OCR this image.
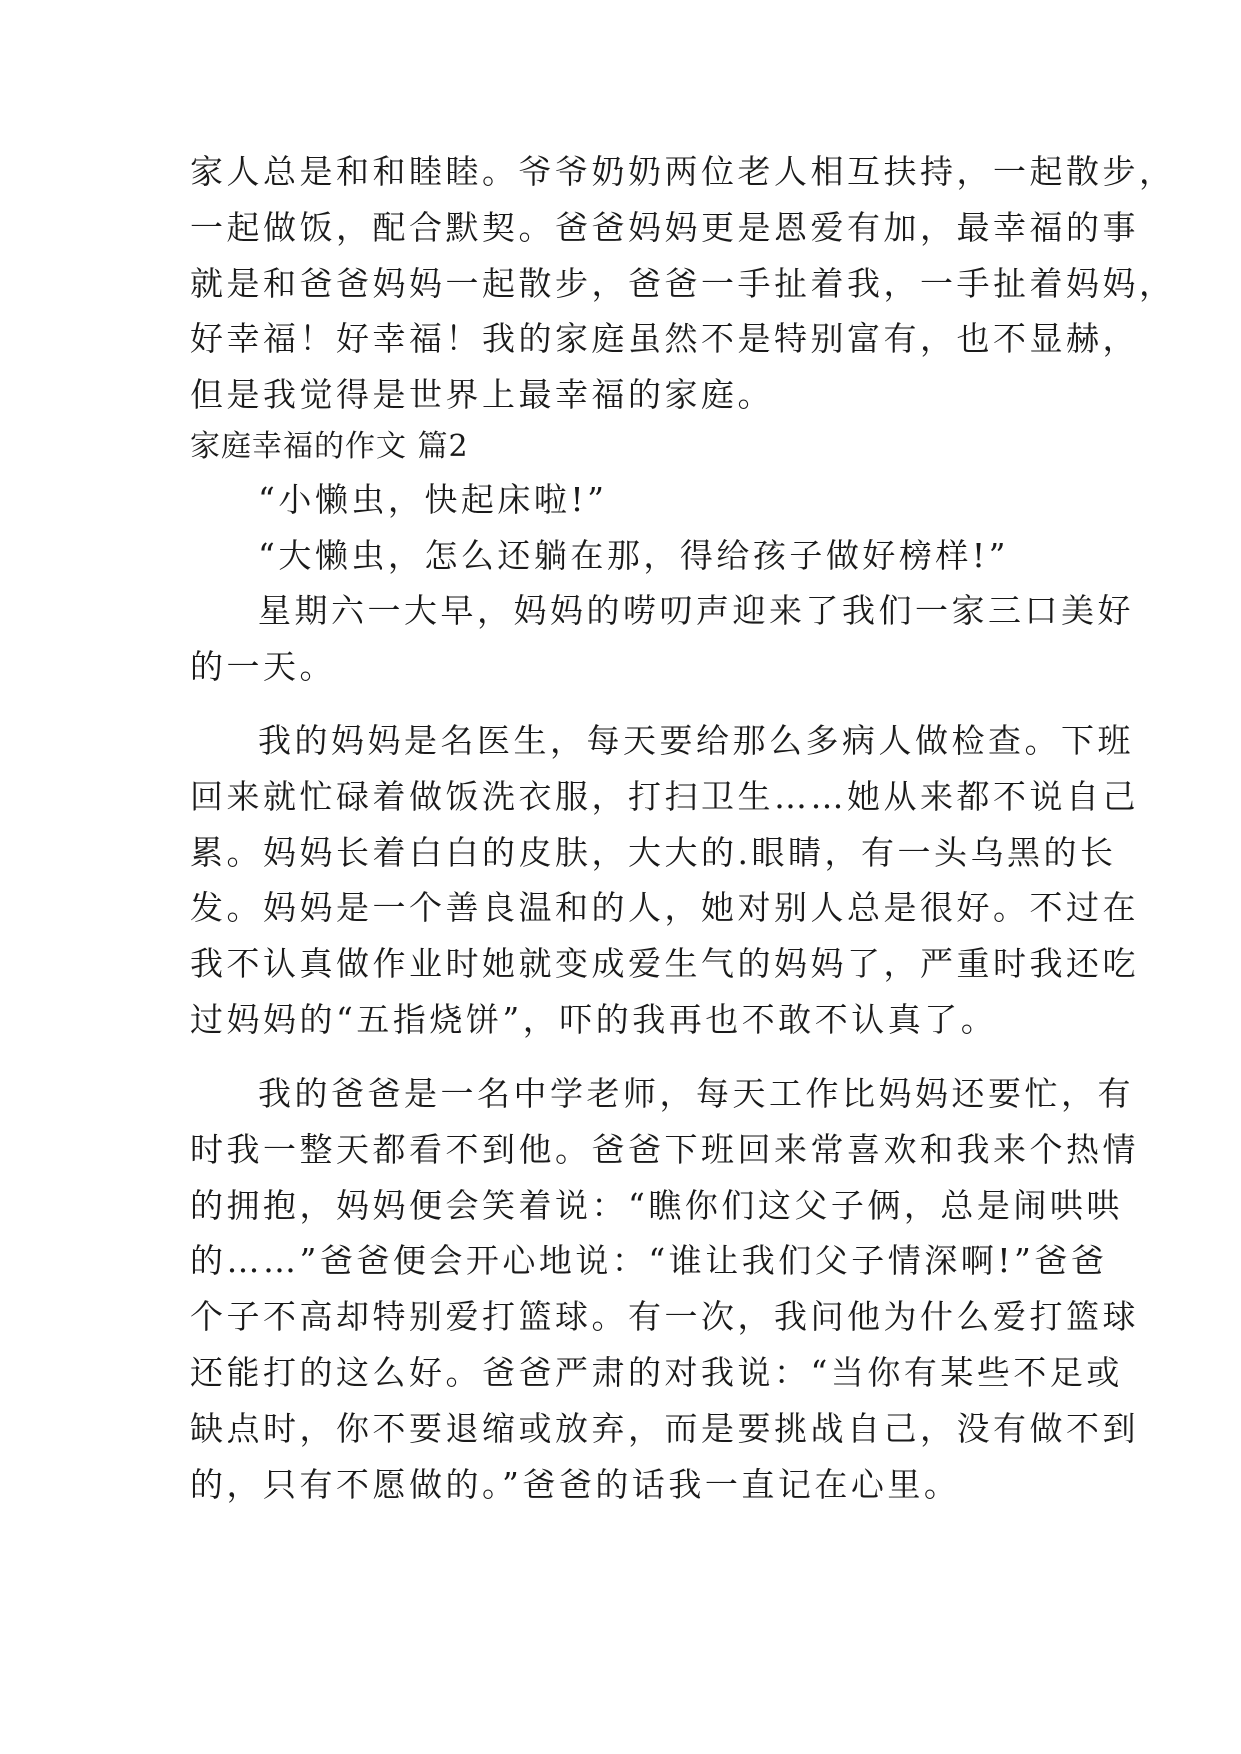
家人总是和和睦睦。爷爷奶奶两位老人相互扶持，一起散步，
一起做饭，配合默契。爸爸妈妈更是恩爱有加，最幸福的事
就是和爸爸妈妈一起散步，爸爸一手扯着我，一手扯着妈妈，
好幸福！好幸福！我的家庭虽然不是特别富有，也不显赫，
但是我觉得是世界上最幸福的家庭。
家庭幸福的作文 篇2
“小懒虫，快起床啦!”
“大懒虫，怎么还躺在那，得给孩子做好榜样!”
星期六一大早，妈妈的唠叨声迎来了我们一家三口美好
的一天。
我的妈妈是名医生，每天要给那么多病人做检查。下班
回来就忙碌着做饭洗衣服，打扫卫生……她从来都不说自己
累。妈妈长着白白的皮肤，大大的.眼睛，有一头乌黑的长
发。妈妈是一个善良温和的人，她对别人总是很好。不过在
我不认真做作业时她就变成爱生气的妈妈了，严重时我还吃
过妈妈的“五指烧饼”，吓的我再也不敢不认真了。
我的爸爸是一名中学老师，每天工作比妈妈还要忙，有
时我一整天都看不到他。爸爸下班回来常喜欢和我来个热情
的拥抱，妈妈便会笑着说：“瞧你们这父子俩，总是闹哄哄
的……”爸爸便会开心地说：“谁让我们父子情深啊!”爸爸
个子不高却特别爱打篮球。有一次，我问他为什么爱打篮球
还能打的这么好。爸爸严肃的对我说：“当你有某些不足或
缺点时，你不要退缩或放弃，而是要挑战自己，没有做不到
的，只有不愿做的。”爸爸的话我一直记在心里。
